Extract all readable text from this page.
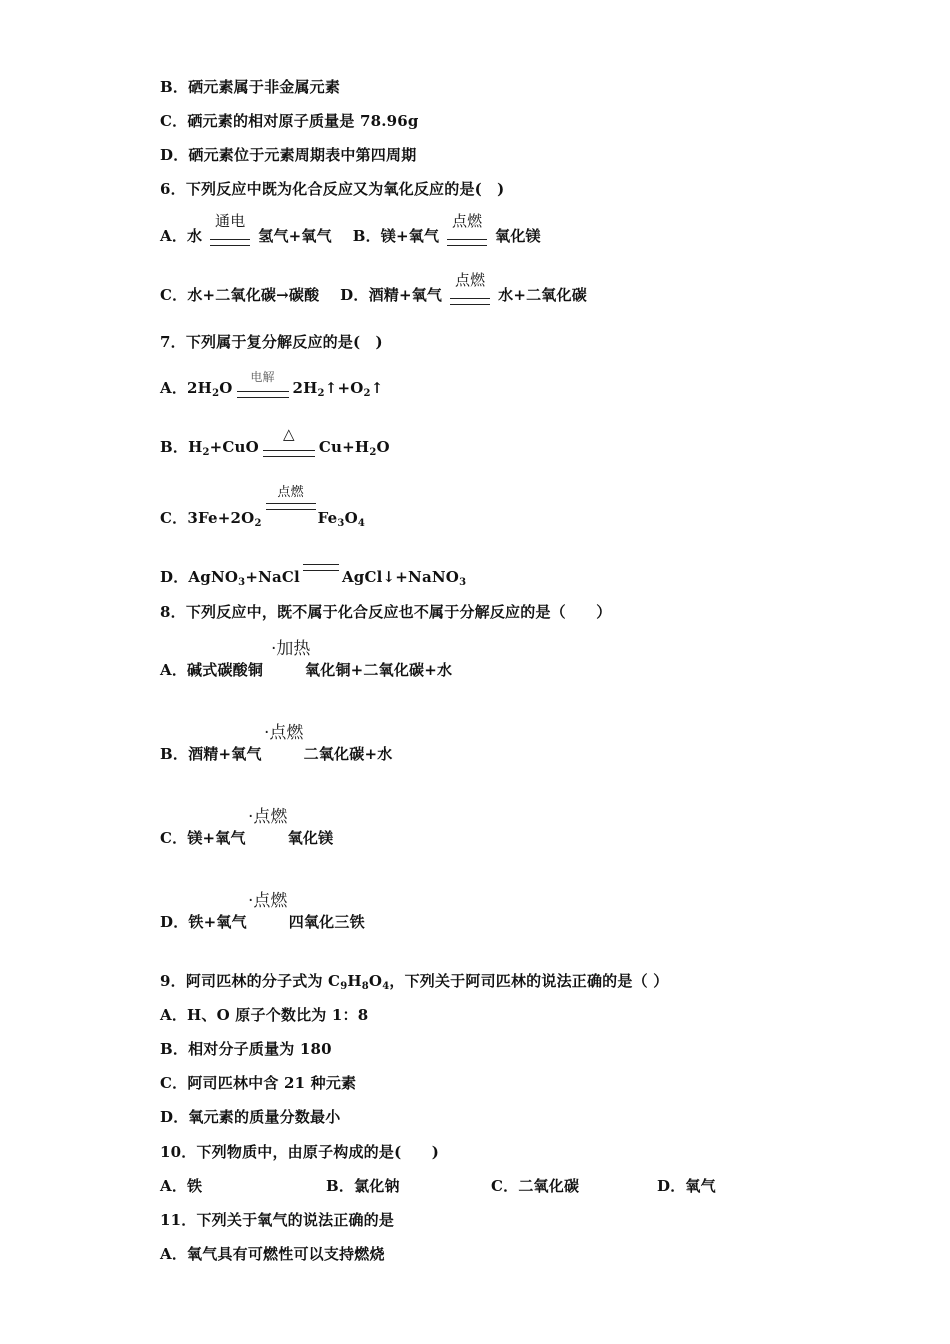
B．硒元素属于非金属元素
C．硒元素的相对原子质量是 78.96g
D．硒元素位于元素周期表中第四周期
6．下列反应中既为化合反应又为氧化反应的是(　)
A．水
通电
氢气+氧气 B．镁+氧气
点燃
氧化镁
C．水+二氧化碳→碳酸 D．酒精+氧气
点燃
水+二氧化碳
7．下列属于复分解反应的是(　)
A．$2H_2O$
电解
$2H_2↑+O_2↑$
B．$H_2+CuO$
△
$Cu+H_2O$
C．$3Fe+2O_2$
点燃
$Fe_3O_4$
D．AgNO$_3$+NaCl	AgCl↓+NaNO$_3$
8．下列反应中，既不属于化合反应也不属于分解反应的是（　　）
·加热
A．碱式碳酸铜	氧化铜+二氧化碳+水
·点燃
B．酒精+氧气	二氧化碳+水
·点燃
C．镁+氧气	氧化镁
·点燃
D．铁+氧气	四氧化三铁
9．阿司匹林的分子式为 $C_9H_8O_4$，下列关于阿司匹林的说法正确的是（ ）
A．H、O 原子个数比为 1：8
B．相对分子质量为 180
C．阿司匹林中含 21 种元素
D．氧元素的质量分数最小
10．下列物质中，由原子构成的是(　　)
A．铁	B．氯化钠	C．二氧化碳	D．氧气
11．下列关于氧气的说法正确的是
A．氧气具有可燃性可以支持燃烧
